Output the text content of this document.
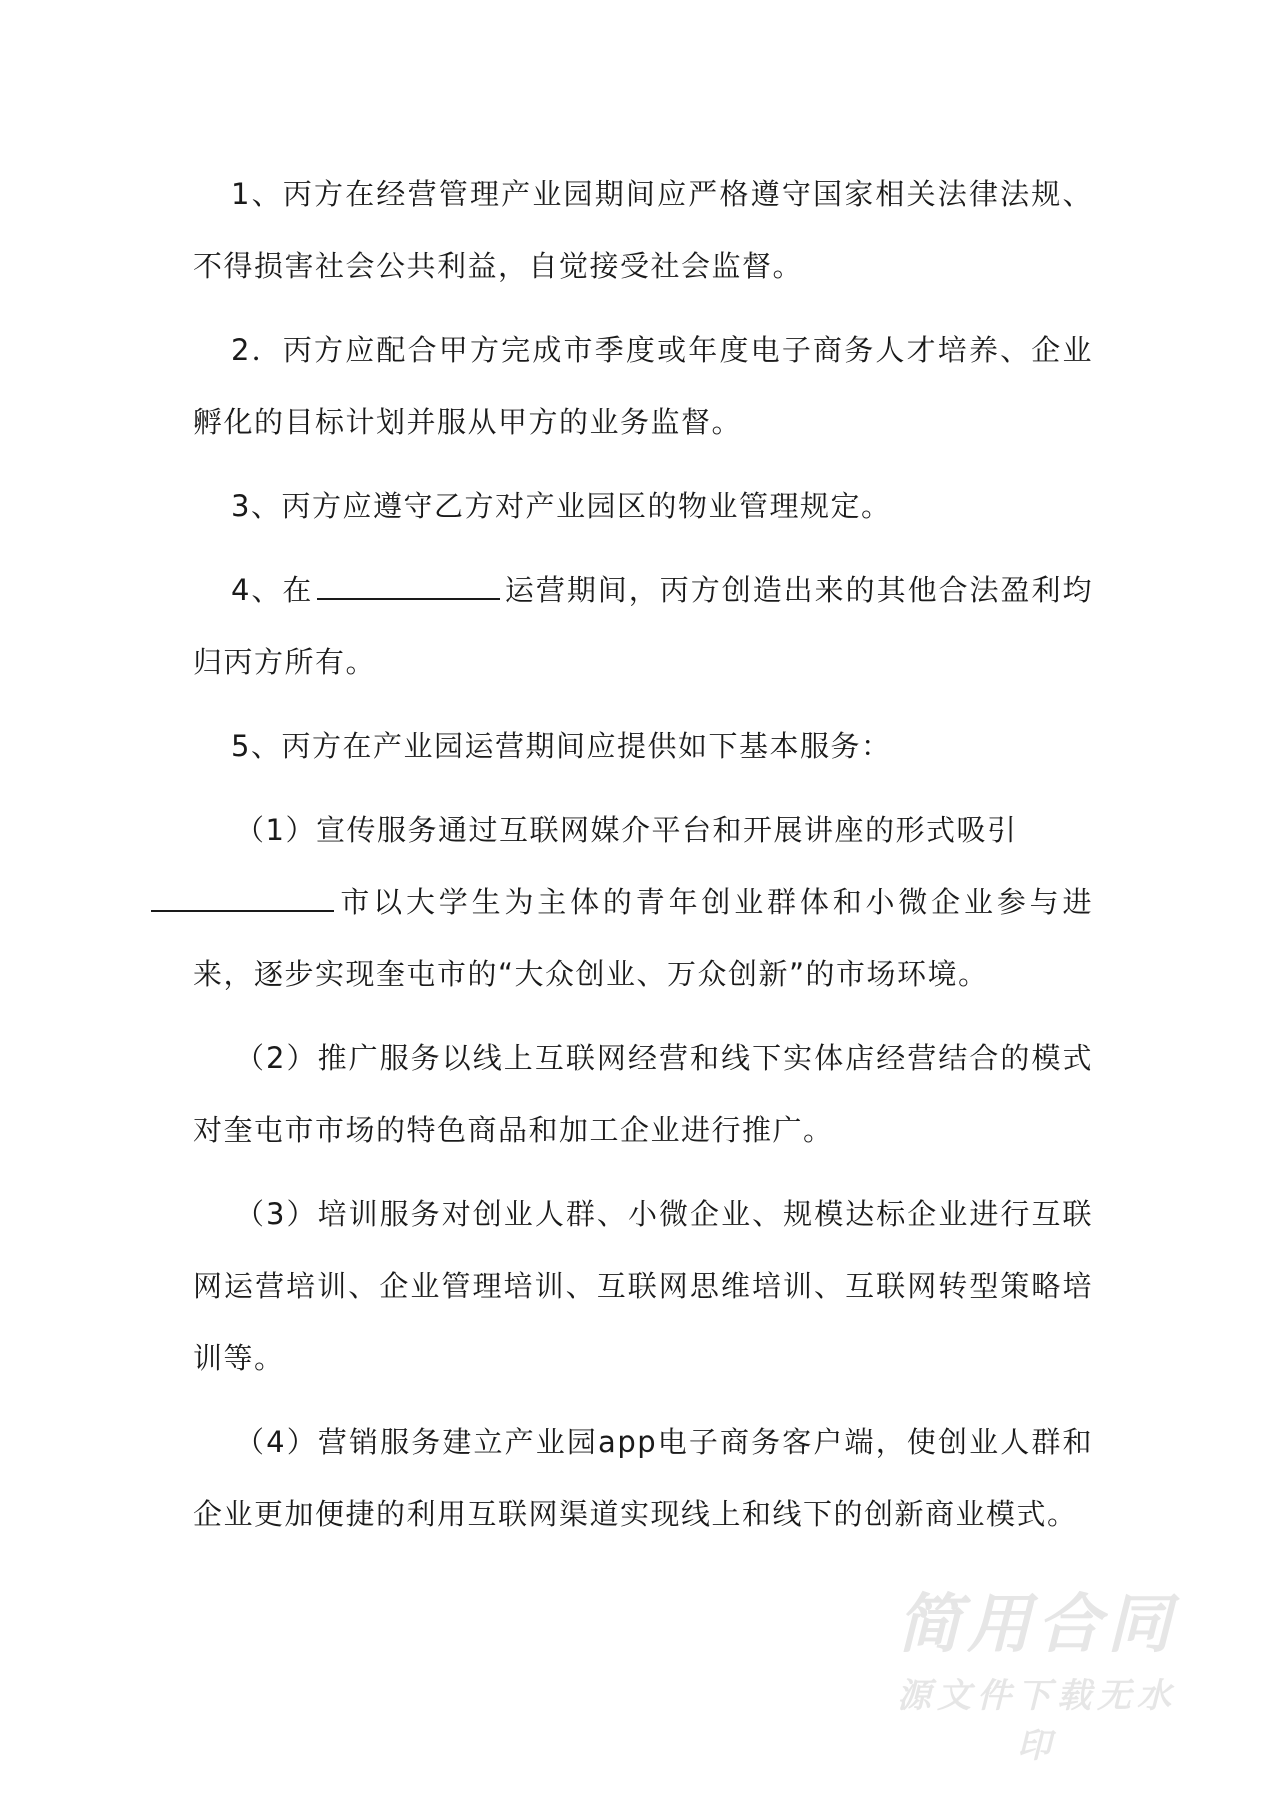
1、丙方在经营管理产业园期间应严格遵守国家相关法律法规、不得损害社会公共利益，自觉接受社会监督。

2．丙方应配合甲方完成市季度或年度电子商务人才培养、企业孵化的目标计划并服从甲方的业务监督。

3、丙方应遵守乙方对产业园区的物业管理规定。

4、在	运营期间，丙方创造出来的其他合法盈利均归丙方所有。

5、丙方在产业园运营期间应提供如下基本服务：

（1）宣传服务通过互联网媒介平台和开展讲座的形式吸引
市以大学生为主体的青年创业群体和小微企业参与进来，逐步实现奎屯市的“大众创业、万众创新”的市场环境。

（2）推广服务以线上互联网经营和线下实体店经营结合的模式对奎屯市市场的特色商品和加工企业进行推广。

（3）培训服务对创业人群、小微企业、规模达标企业进行互联网运营培训、企业管理培训、互联网思维培训、互联网转型策略培训等。

（4）营销服务建立产业园app电子商务客户端，使创业人群和企业更加便捷的利用互联网渠道实现线上和线下的创新商业模式。

简用合同
源文件下载无水印
